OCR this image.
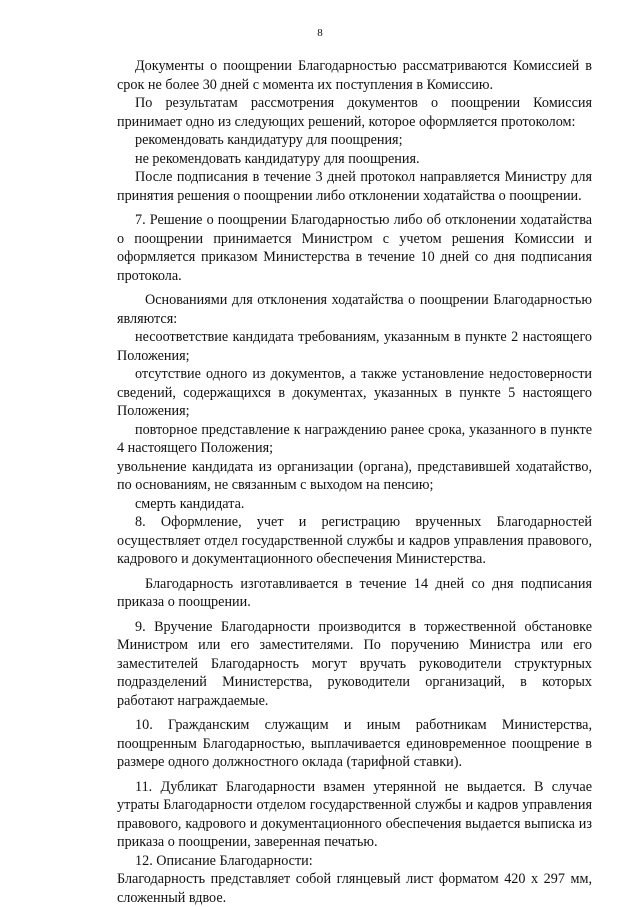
8

Документы о поощрении Благодарностью рассматриваются Комиссией в срок не более 30 дней с момента их поступления в Комиссию.

По результатам рассмотрения документов о поощрении Комиссия принимает одно из следующих решений, которое оформляется протоколом:

рекомендовать кандидатуру для поощрения;

не рекомендовать кандидатуру для поощрения.

После подписания в течение 3 дней протокол направляется Министру для принятия решения о поощрении либо отклонении ходатайства о поощрении.

7. Решение о поощрении Благодарностью либо об отклонении ходатайства о поощрении принимается Министром с учетом решения Комиссии и оформляется приказом Министерства в течение 10 дней со дня подписания протокола.

Основаниями для отклонения ходатайства о поощрении Благодарностью являются:

несоответствие кандидата требованиям, указанным в пункте 2 настоящего Положения;

отсутствие одного из документов, а также установление недостоверности сведений, содержащихся в документах, указанных в пункте 5 настоящего Положения;

повторное представление к награждению ранее срока, указанного в пункте 4 настоящего Положения;

увольнение кандидата из организации (органа), представившей ходатайство, по основаниям, не связанным с выходом на пенсию;

смерть кандидата.

8. Оформление, учет и регистрацию врученных Благодарностей осуществляет отдел государственной службы и кадров управления правового, кадрового и документационного обеспечения Министерства.

Благодарность изготавливается в течение 14 дней со дня подписания приказа о поощрении.

9. Вручение Благодарности производится в торжественной обстановке Министром или его заместителями. По поручению Министра или его заместителей Благодарность могут вручать руководители структурных подразделений Министерства, руководители организаций, в которых работают награждаемые.

10. Гражданским служащим и иным работникам Министерства, поощренным Благодарностью, выплачивается единовременное поощрение в размере одного должностного оклада (тарифной ставки).

11. Дубликат Благодарности взамен утерянной не выдается. В случае утраты Благодарности отделом государственной службы и кадров управления правового, кадрового и документационного обеспечения выдается выписка из приказа о поощрении, заверенная печатью.

12. Описание Благодарности:

Благодарность представляет собой глянцевый лист форматом 420 х 297 мм, сложенный вдвое.
